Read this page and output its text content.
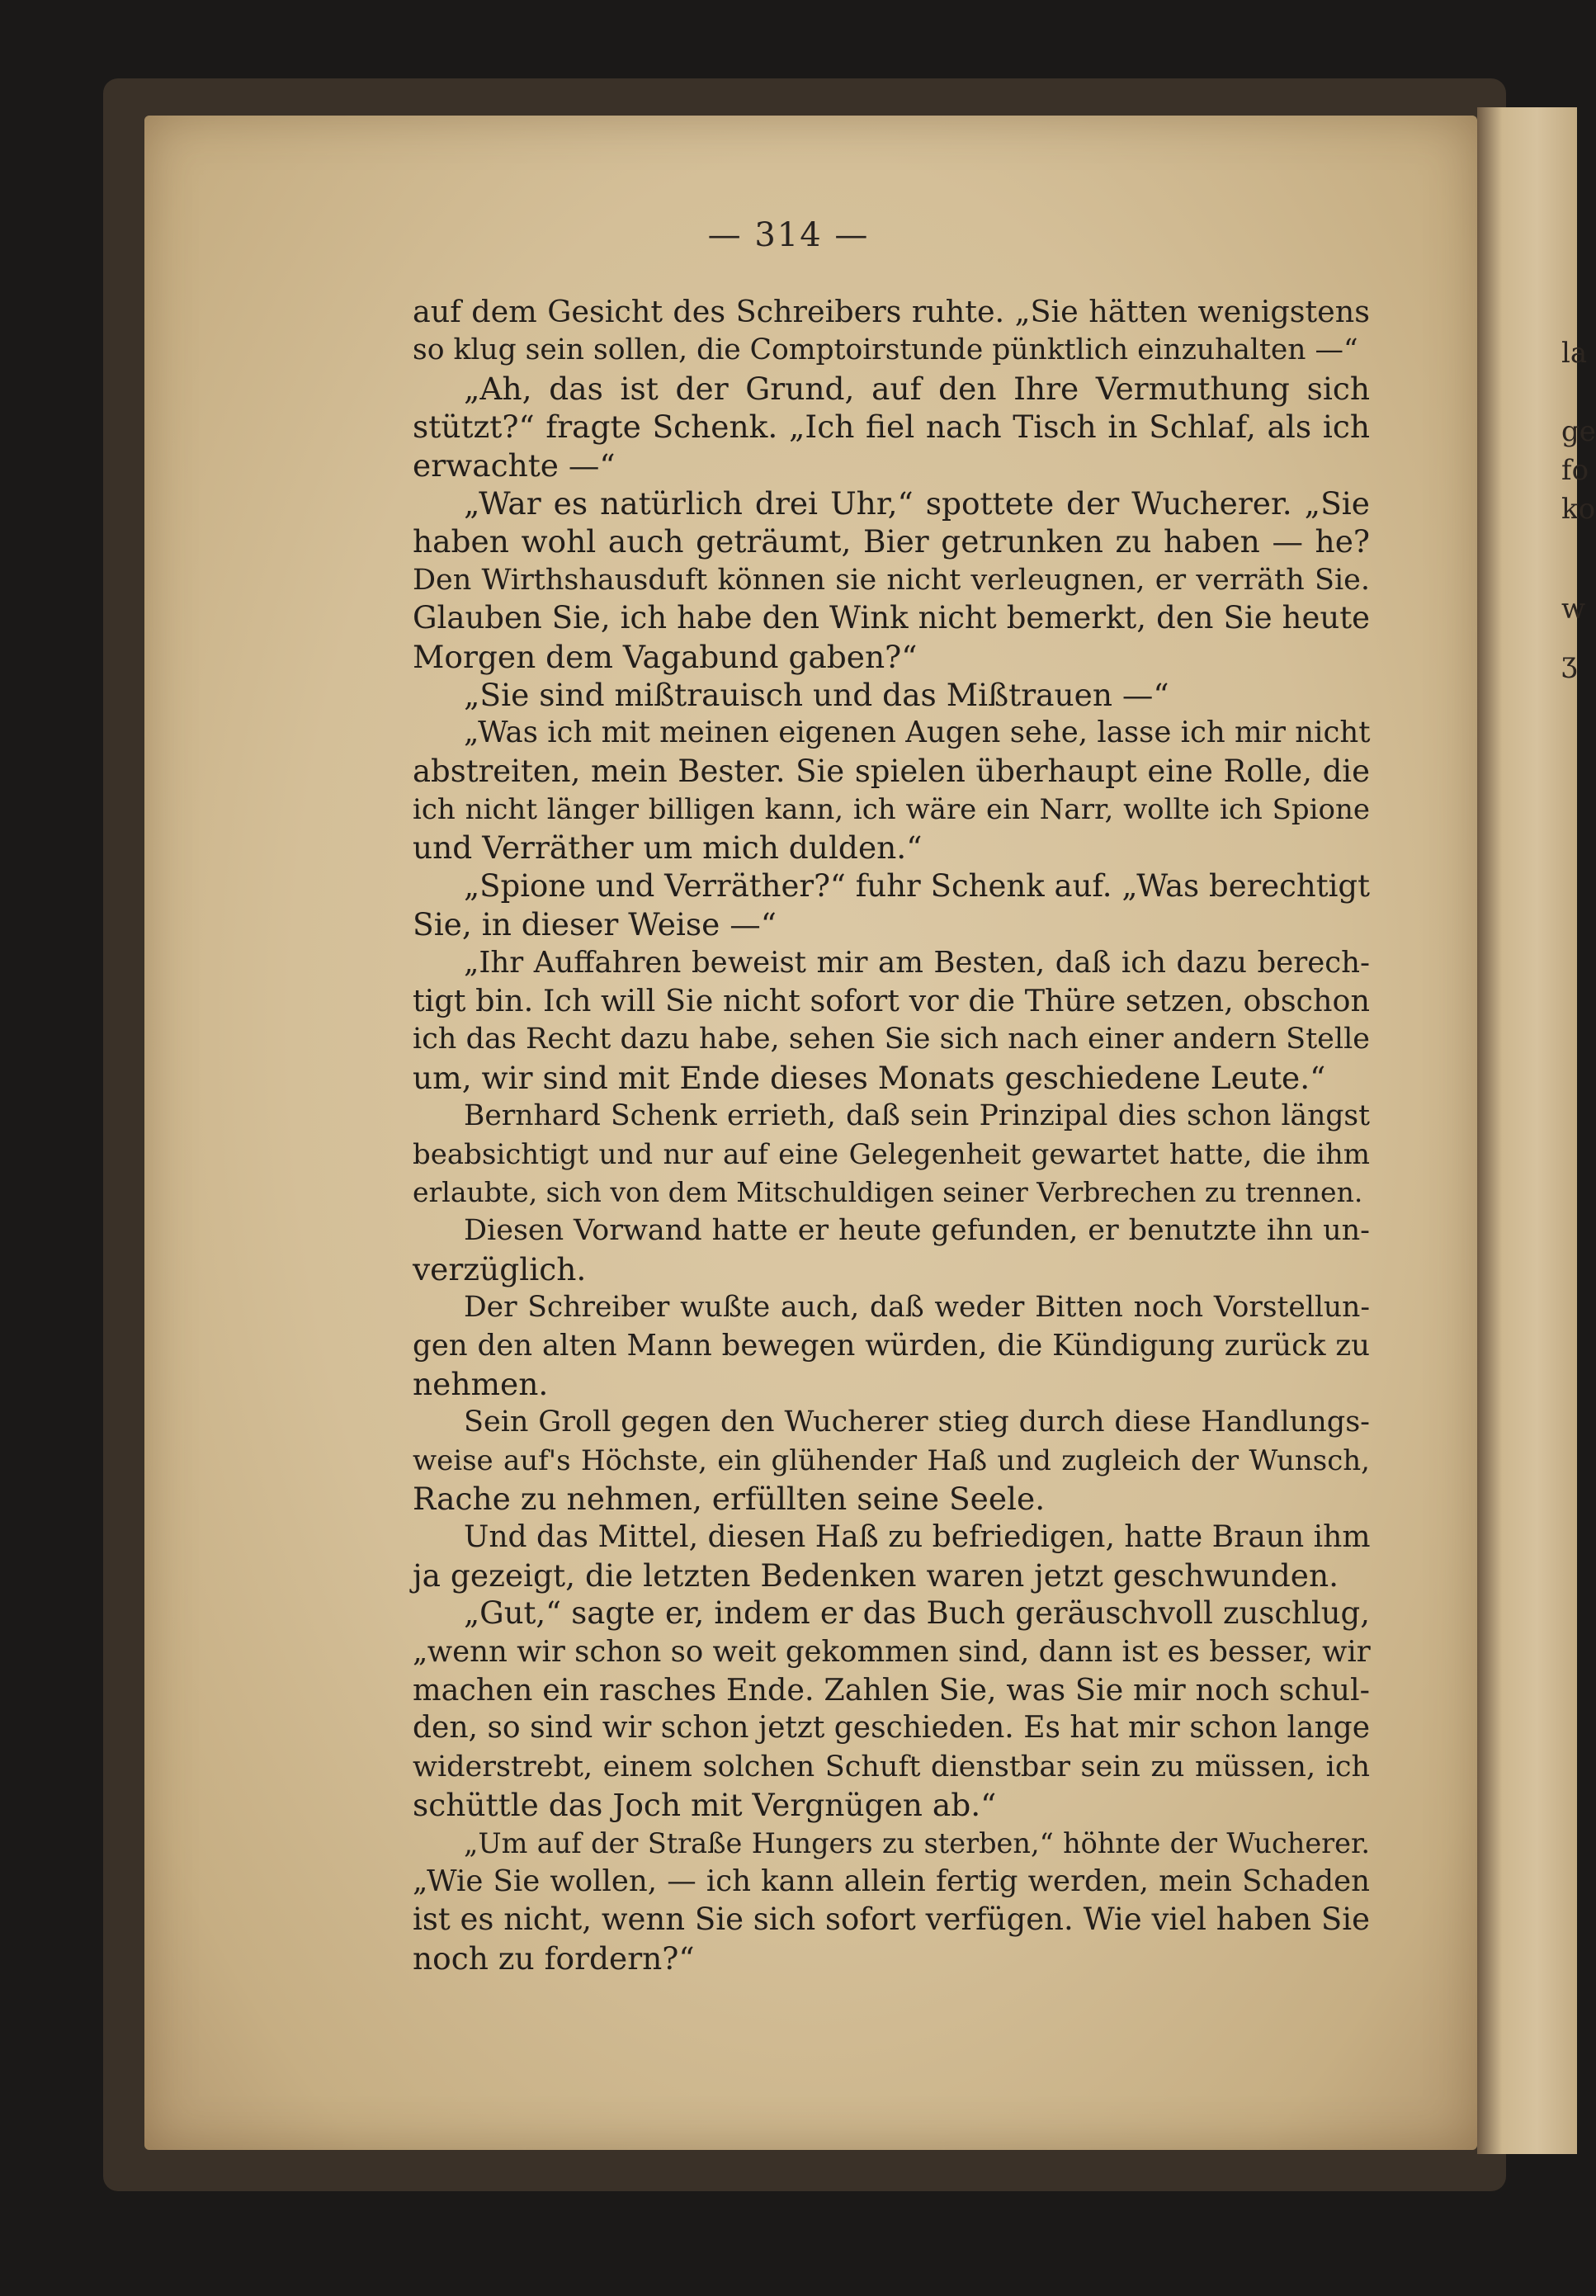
— 314 —
auf dem Gesicht des Schreibers ruhte. „Sie hätten wenigstens
so klug sein sollen, die Comptoirstunde pünktlich einzuhalten —“
„Ah, das ist der Grund, auf den Ihre Vermuthung sich
stützt?“ fragte Schenk. „Ich fiel nach Tisch in Schlaf, als ich
erwachte —“
„War es natürlich drei Uhr,“ spottete der Wucherer. „Sie
haben wohl auch geträumt, Bier getrunken zu haben — he?
Den Wirthshausduft können sie nicht verleugnen, er verräth Sie.
Glauben Sie, ich habe den Wink nicht bemerkt, den Sie heute
Morgen dem Vagabund gaben?“
„Sie sind mißtrauisch und das Mißtrauen —“
„Was ich mit meinen eigenen Augen sehe, lasse ich mir nicht
abstreiten, mein Bester. Sie spielen überhaupt eine Rolle, die
ich nicht länger billigen kann, ich wäre ein Narr, wollte ich Spione
und Verräther um mich dulden.“
„Spione und Verräther?“ fuhr Schenk auf. „Was berechtigt
Sie, in dieser Weise —“
„Ihr Auffahren beweist mir am Besten, daß ich dazu berech-
tigt bin. Ich will Sie nicht sofort vor die Thüre setzen, obschon
ich das Recht dazu habe, sehen Sie sich nach einer andern Stelle
um, wir sind mit Ende dieses Monats geschiedene Leute.“
Bernhard Schenk errieth, daß sein Prinzipal dies schon längst
beabsichtigt und nur auf eine Gelegenheit gewartet hatte, die ihm
erlaubte, sich von dem Mitschuldigen seiner Verbrechen zu trennen.
Diesen Vorwand hatte er heute gefunden, er benutzte ihn un-
verzüglich.
Der Schreiber wußte auch, daß weder Bitten noch Vorstellun-
gen den alten Mann bewegen würden, die Kündigung zurück zu
nehmen.
Sein Groll gegen den Wucherer stieg durch diese Handlungs-
weise auf's Höchste, ein glühender Haß und zugleich der Wunsch,
Rache zu nehmen, erfüllten seine Seele.
Und das Mittel, diesen Haß zu befriedigen, hatte Braun ihm
ja gezeigt, die letzten Bedenken waren jetzt geschwunden.
„Gut,“ sagte er, indem er das Buch geräuschvoll zuschlug,
„wenn wir schon so weit gekommen sind, dann ist es besser, wir
machen ein rasches Ende. Zahlen Sie, was Sie mir noch schul-
den, so sind wir schon jetzt geschieden. Es hat mir schon lange
widerstrebt, einem solchen Schuft dienstbar sein zu müssen, ich
schüttle das Joch mit Vergnügen ab.“
„Um auf der Straße Hungers zu sterben,“ höhnte der Wucherer.
„Wie Sie wollen, — ich kann allein fertig werden, mein Schaden
ist es nicht, wenn Sie sich sofort verfügen. Wie viel haben Sie
noch zu fordern?“
la
ge
fo
ko
w
ʒ
